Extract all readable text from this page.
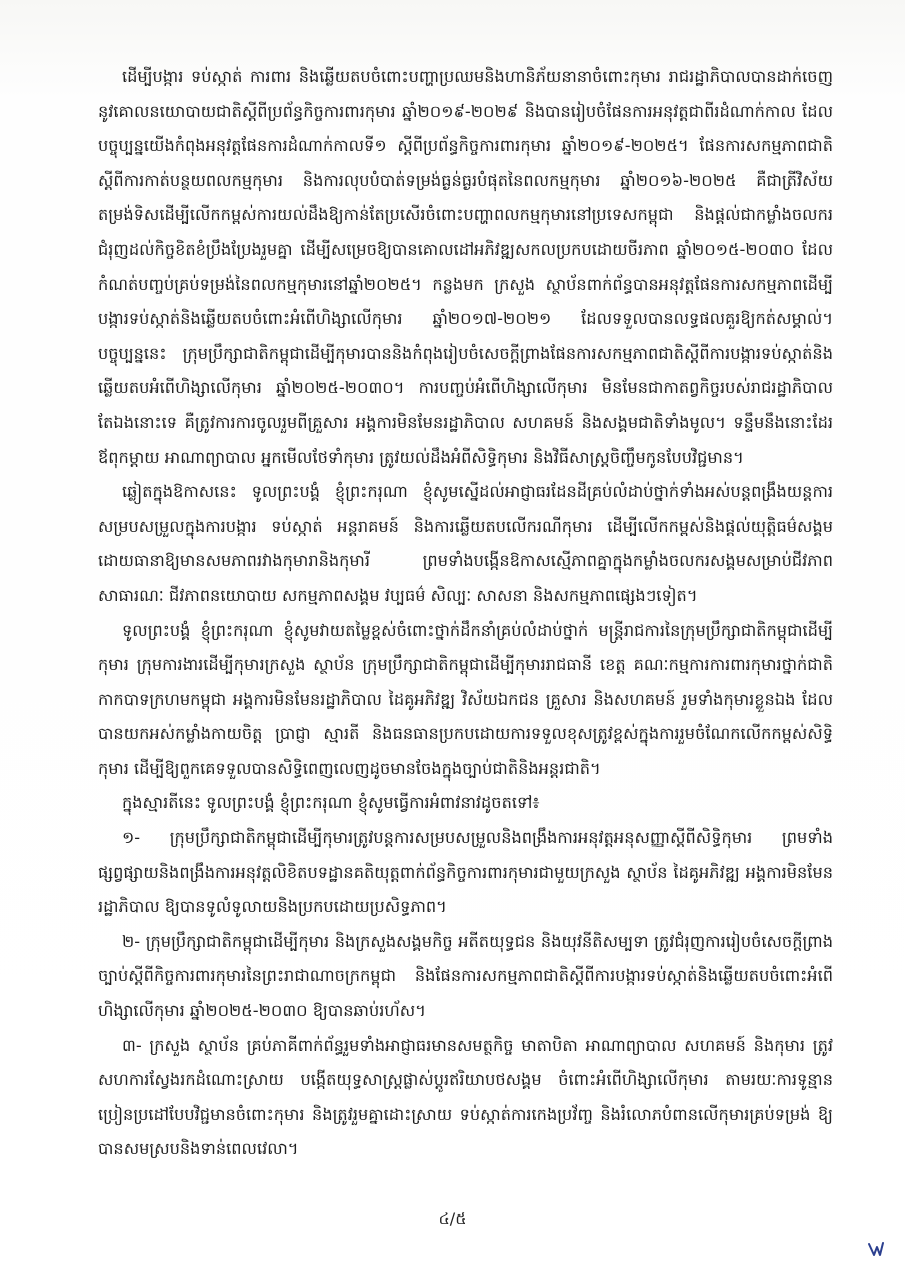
ដើម្បីបង្ការ ទប់ស្កាត់ ការពារ និងឆ្លើយតបចំពោះបញ្ហាប្រឈមនិងហានិភ័យនានាចំពោះកុមារ រាជរដ្ឋាភិបាលបានដាក់ចេញនូវគោលនយោបាយជាតិស្តីពីប្រព័ន្ធកិច្ចការពារកុមារ ឆ្នាំ២០១៩-២០២៩ និងបានរៀបចំផែនការអនុវត្តជាពីរដំណាក់កាល ដែលបច្ចុប្បន្នយើងកំពុងអនុវត្តផែនការដំណាក់កាលទី១ ស្តីពីប្រព័ន្ធកិច្ចការពារកុមារ ឆ្នាំ២០១៩-២០២៥។ ផែនការសកម្មភាពជាតិស្តីពីការកាត់បន្ថយពលកម្មកុមារ និងការលុបបំបាត់ទម្រង់ធ្ងន់ធ្ងរបំផុតនៃពលកម្មកុមារ ឆ្នាំ២០១៦-២០២៥ គឺជាត្រីវិស័យតម្រង់ទិសដើម្បីលើកកម្ពស់ការយល់ដឹងឱ្យកាន់តែប្រសើរចំពោះបញ្ហាពលកម្មកុមារនៅប្រទេសកម្ពុជា និងផ្តល់ជាកម្លាំងចលករជំរុញដល់កិច្ចខិតខំប្រឹងប្រែងរួមគ្នា ដើម្បីសម្រេចឱ្យបានគោលដៅអភិវឌ្ឍសកលប្រកបដោយចីរភាព ឆ្នាំ២០១៥-២០៣០ ដែលកំណត់បញ្ចប់គ្រប់ទម្រង់នៃពលកម្មកុមារនៅឆ្នាំ២០២៥។ កន្លងមក ក្រសួង ស្ថាប័នពាក់ព័ន្ធបានអនុវត្តផែនការសកម្មភាពដើម្បីបង្ការទប់ស្កាត់និងឆ្លើយតបចំពោះអំពើហិង្សាលើកុមារ ឆ្នាំ២០១៧-២០២១ ដែលទទួលបានលទ្ធផលគួរឱ្យកត់សម្គាល់។ បច្ចុប្បន្ននេះ ក្រុមប្រឹក្សាជាតិកម្ពុជាដើម្បីកុមារបាននិងកំពុងរៀបចំសេចក្តីព្រាងផែនការសកម្មភាពជាតិស្តីពីការបង្ការទប់ស្កាត់និងឆ្លើយតបអំពើហិង្សាលើកុមារ ឆ្នាំ២០២៥-២០៣០។ ការបញ្ចប់អំពើហិង្សាលើកុមារ មិនមែនជាកាតព្វកិច្ចរបស់រាជរដ្ឋាភិបាលតែឯងនោះទេ គឺត្រូវការការចូលរួមពីគ្រួសារ អង្គការមិនមែនរដ្ឋាភិបាល សហគមន៍ និងសង្គមជាតិទាំងមូល។ ទន្ទឹមនឹងនោះដែរ ឪពុកម្តាយ អាណាព្យាបាល អ្នកមើលថែទាំកុមារ ត្រូវយល់ដឹងអំពីសិទ្ធិកុមារ និងវិធីសាស្ត្រចិញ្ចឹមកូនបែបវិជ្ជមាន។

ឆ្លៀតក្នុងឱកាសនេះ ទូលព្រះបង្គំ ខ្ញុំព្រះករុណា ខ្ញុំសូមស្នើដល់អាជ្ញាធរដែនដីគ្រប់លំដាប់ថ្នាក់ទាំងអស់បន្តពង្រឹងយន្តការសម្របសម្រួលក្នុងការបង្ការ ទប់ស្កាត់ អន្តរាគមន៍ និងការឆ្លើយតបលើករណីកុមារ ដើម្បីលើកកម្ពស់និងផ្តល់យុត្តិធម៌សង្គម ដោយធានាឱ្យមានសមភាពរវាងកុមារានិងកុមារី ព្រមទាំងបង្កើនឱកាសស្មើភាពគ្នាក្នុងកម្លាំងចលករសង្គមសម្រាប់ជីវភាពសាធារណៈ ជីវភាពនយោបាយ សកម្មភាពសង្គម វប្បធម៌ សិល្បៈ សាសនា និងសកម្មភាពផ្សេងៗទៀត។

ទូលព្រះបង្គំ ខ្ញុំព្រះករុណា ខ្ញុំសូមវាយតម្លៃខ្ពស់ចំពោះថ្នាក់ដឹកនាំគ្រប់លំដាប់ថ្នាក់ មន្ត្រីរាជការនៃក្រុមប្រឹក្សាជាតិកម្ពុជាដើម្បីកុមារ ក្រុមការងារដើម្បីកុមារក្រសួង ស្ថាប័ន ក្រុមប្រឹក្សាជាតិកម្ពុជាដើម្បីកុមាររាជធានី ខេត្ត គណៈកម្មការការពារកុមារថ្នាក់ជាតិ កាកបាទក្រហមកម្ពុជា អង្គការមិនមែនរដ្ឋាភិបាល ដៃគូអភិវឌ្ឍ វិស័យឯកជន គ្រួសារ និងសហគមន៍ រួមទាំងកុមារខ្លួនឯង ដែលបានយកអស់កម្លាំងកាយចិត្ត ប្រាជ្ញា ស្មារតី និងធនធានប្រកបដោយការទទួលខុសត្រូវខ្ពស់ក្នុងការរួមចំណែកលើកកម្ពស់សិទ្ធិកុមារ ដើម្បីឱ្យពួកគេទទួលបានសិទ្ធិពេញលេញដូចមានចែងក្នុងច្បាប់ជាតិនិងអន្តរជាតិ។

ក្នុងស្មារតីនេះ ទូលព្រះបង្គំ ខ្ញុំព្រះករុណា ខ្ញុំសូមធ្វើការអំពាវនាវដូចតទៅ៖

១- ក្រុមប្រឹក្សាជាតិកម្ពុជាដើម្បីកុមារត្រូវបន្តការសម្របសម្រួលនិងពង្រឹងការអនុវត្តអនុសញ្ញាស្តីពីសិទ្ធិកុមារ ព្រមទាំងផ្សព្វផ្សាយនិងពង្រឹងការអនុវត្តលិខិតបទដ្ឋានគតិយុត្តពាក់ព័ន្ធកិច្ចការពារកុមារជាមួយក្រសួង ស្ថាប័ន ដៃគូអភិវឌ្ឍ អង្គការមិនមែនរដ្ឋាភិបាល ឱ្យបានទូលំទូលាយនិងប្រកបដោយប្រសិទ្ធភាព។

២- ក្រុមប្រឹក្សាជាតិកម្ពុជាដើម្បីកុមារ និងក្រសួងសង្គមកិច្ច អតីតយុទ្ធជន និងយុវនីតិសម្បទា ត្រូវជំរុញការរៀបចំសេចក្តីព្រាងច្បាប់ស្តីពីកិច្ចការពារកុមារនៃព្រះរាជាណាចក្រកម្ពុជា និងផែនការសកម្មភាពជាតិស្តីពីការបង្ការទប់ស្កាត់និងឆ្លើយតបចំពោះអំពើហិង្សាលើកុមារ ឆ្នាំ២០២៥-២០៣០ ឱ្យបានឆាប់រហ័ស។

៣- ក្រសួង ស្ថាប័ន គ្រប់ភាគីពាក់ព័ន្ធរួមទាំងអាជ្ញាធរមានសមត្ថកិច្ច មាតាបិតា អាណាព្យាបាល សហគមន៍ និងកុមារ ត្រូវសហការស្វែងរកដំណោះស្រាយ បង្កើតយុទ្ធសាស្ត្រផ្លាស់ប្តូរឥរិយាបថសង្គម ចំពោះអំពើហិង្សាលើកុមារ តាមរយៈការទូន្មានប្រៀនប្រដៅបែបវិជ្ជមានចំពោះកុមារ និងត្រូវរួមគ្នាដោះស្រាយ ទប់ស្កាត់ការកេងប្រវ័ញ្ច និងរំលោភបំពានលើកុមារគ្រប់ទម្រង់ ឱ្យបានសមស្របនិងទាន់ពេលវេលា។

៤/៥
